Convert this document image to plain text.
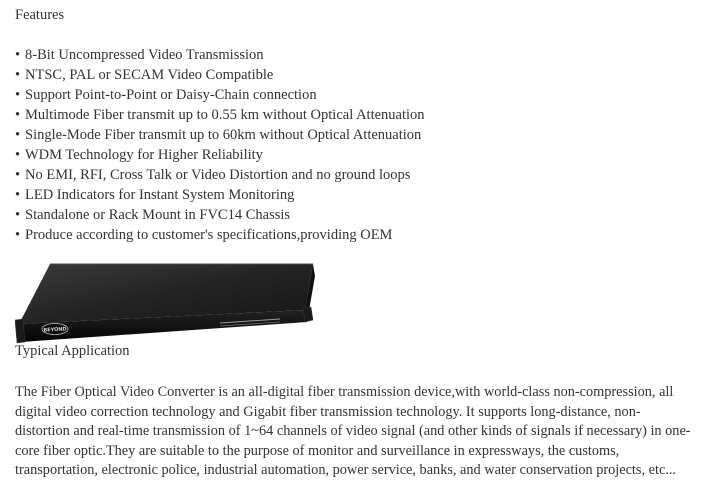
Features
• 8-Bit Uncompressed Video Transmission
• NTSC, PAL or SECAM Video Compatible
• Support Point-to-Point or Daisy-Chain connection
• Multimode Fiber transmit up to 0.55 km without Optical Attenuation
• Single-Mode Fiber transmit up to 60km without Optical Attenuation
• WDM Technology for Higher Reliability
• No EMI, RFI, Cross Talk or Video Distortion and no ground loops
• LED Indicators for Instant System Monitoring
• Standalone or Rack Mount in FVC14 Chassis
• Produce according to customer's specifications,providing OEM
BEYOND
Typical Application

The Fiber Optical Video Converter is an all-digital fiber transmission device,with world-class non-compression, all digital video correction technology and Gigabit fiber transmission technology. It supports long-distance, non-distortion and real-time transmission of 1~64 channels of video signal (and other kinds of signals if necessary) in one-core fiber optic.They are suitable to the purpose of monitor and surveillance in expressways, the customs, transportation, electronic police, industrial automation, power service, banks, and water conservation projects, etc...
